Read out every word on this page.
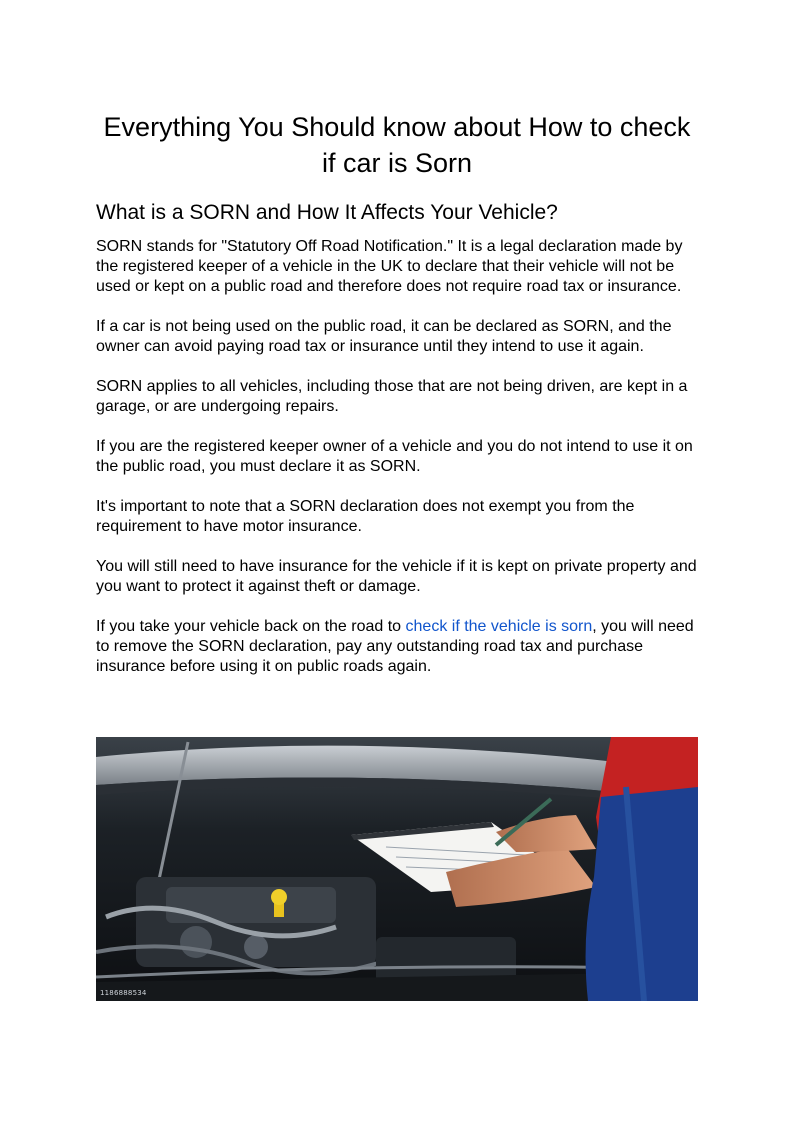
Everything You Should know about How to check if car is Sorn
What is a SORN and How It Affects Your Vehicle?

SORN stands for "Statutory Off Road Notification." It is a legal declaration made by the registered keeper of a vehicle in the UK to declare that their vehicle will not be used or kept on a public road and therefore does not require road tax or insurance.

If a car is not being used on the public road, it can be declared as SORN, and the owner can avoid paying road tax or insurance until they intend to use it again.

SORN applies to all vehicles, including those that are not being driven, are kept in a garage, or are undergoing repairs.

If you are the registered keeper owner of a vehicle and you do not intend to use it on the public road, you must declare it as SORN.

It's important to note that a SORN declaration does not exempt you from the requirement to have motor insurance.

You will still need to have insurance for the vehicle if it is kept on private property and you want to protect it against theft or damage.

If you take your vehicle back on the road to check if the vehicle is sorn, you will need to remove the SORN declaration, pay any outstanding road tax and purchase insurance before using it on public roads again.

1186888534
